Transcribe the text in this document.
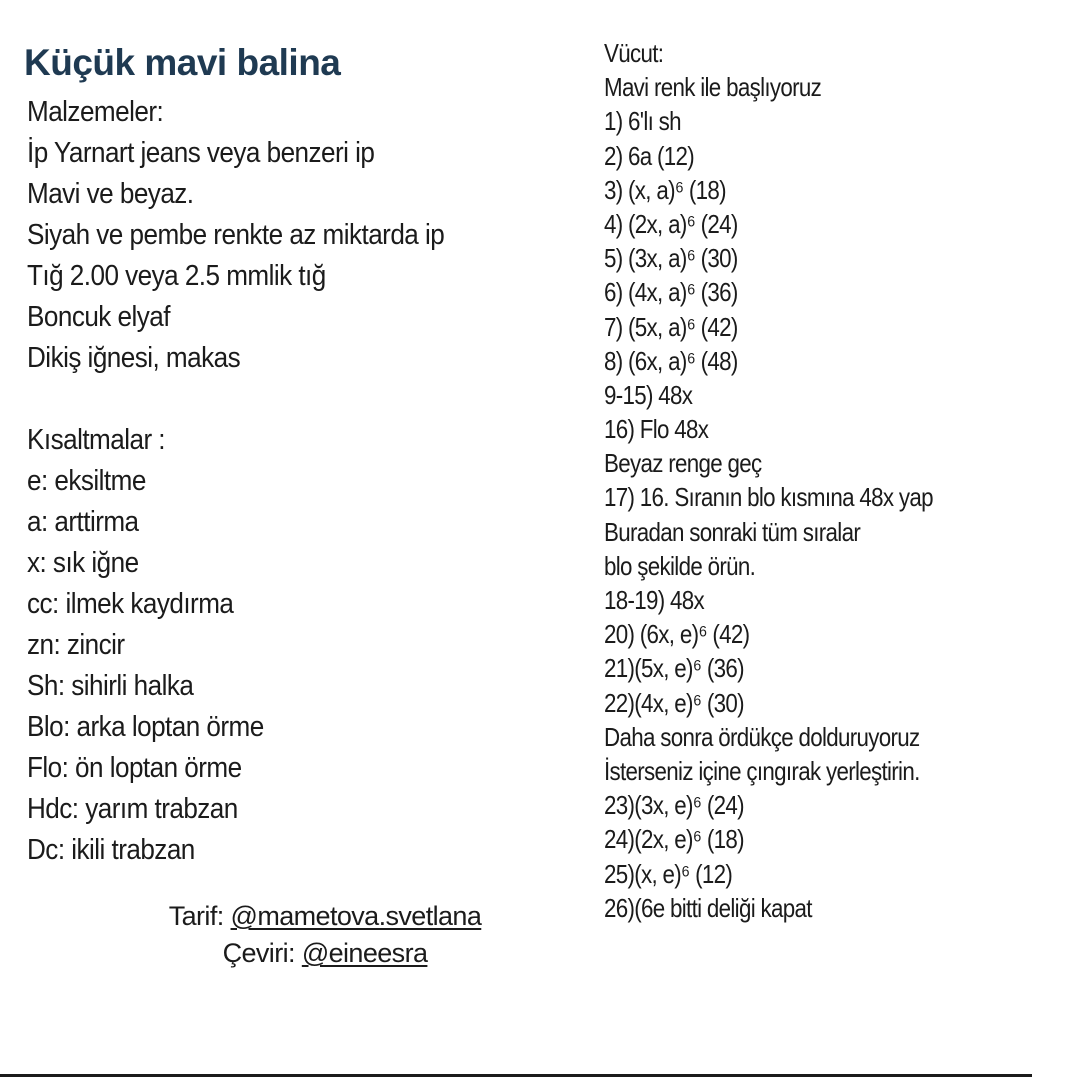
Küçük mavi balina
Malzemeler:
İp Yarnart jeans veya benzeri ip
Mavi ve beyaz.
Siyah ve pembe renkte az miktarda ip
Tığ 2.00 veya 2.5 mmlik tığ
Boncuk elyaf
Dikiş iğnesi, makas
Kısaltmalar :
e: eksiltme
a: arttirma
x: sık iğne
cc: ilmek kaydırma
zn: zincir
Sh: sihirli halka
Blo: arka loptan örme
Flo: ön loptan örme
Hdc: yarım trabzan
Dc: ikili trabzan
Tarif: @mametova.svetlana
Çeviri: @eineesra
Vücut:
Mavi renk ile başlıyoruz
1) 6'lı sh
2) 6a (12)
3) (x, a)⁶ (18)
4) (2x, a)⁶ (24)
5) (3x, a)⁶ (30)
6) (4x, a)⁶ (36)
7) (5x, a)⁶ (42)
8) (6x, a)⁶ (48)
9-15) 48x
16) Flo 48x
Beyaz renge geç
17) 16. Sıranın blo kısmına 48x yap
Buradan sonraki tüm sıralar
blo şekilde örün.
18-19) 48x
20) (6x, e)⁶ (42)
21)(5x, e)⁶ (36)
22)(4x, e)⁶ (30)
Daha sonra ördükçe dolduruyoruz
İsterseniz içine çıngırak yerleştirin.
23)(3x, e)⁶ (24)
24)(2x, e)⁶ (18)
25)(x, e)⁶ (12)
26)(6e bitti deliği kapat
